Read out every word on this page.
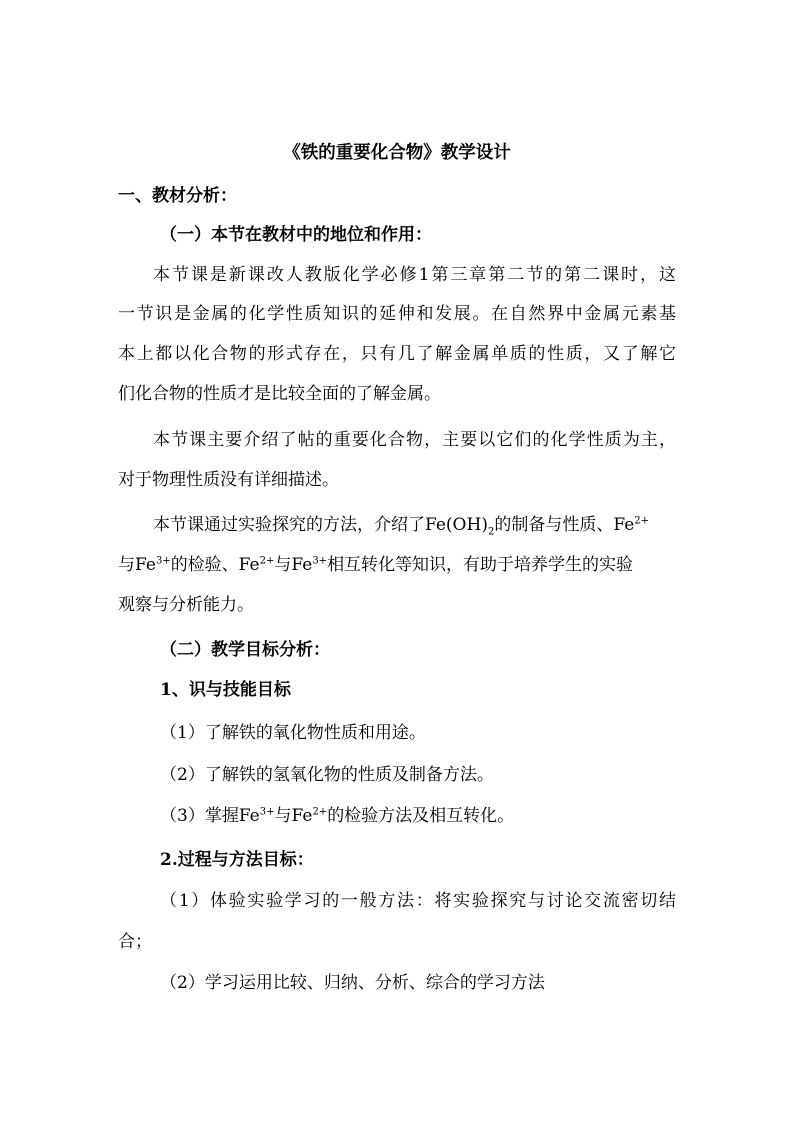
《铁的重要化合物》教学设计
一、教材分析：
（一）本节在教材中的地位和作用：
本节课是新课改人教版化学必修1第三章第二节的第二课时，这
一节识是金属的化学性质知识的延伸和发展。在自然界中金属元素基
本上都以化合物的形式存在，只有几了解金属单质的性质，又了解它
们化合物的性质才是比较全面的了解金属。
本节课主要介绍了帖的重要化合物，主要以它们的化学性质为主，
对于物理性质没有详细描述。
本节课通过实验探究的方法，介绍了$Fe(OH)_2$的制备与性质、$Fe^{2+}$
与$Fe^{3+}$的检验、$Fe^{2+}$与$Fe^{3+}$相互转化等知识，有助于培养学生的实验
观察与分析能力。
（二）教学目标分析：
1、识与技能目标
（1）了解铁的氧化物性质和用途。
（2）了解铁的氢氧化物的性质及制备方法。
（3）掌握$Fe^{3+}$与$Fe^{2+}$的检验方法及相互转化。
2.过程与方法目标：
（1）体验实验学习的一般方法：将实验探究与讨论交流密切结
合；
（2）学习运用比较、归纳、分析、综合的学习方法
